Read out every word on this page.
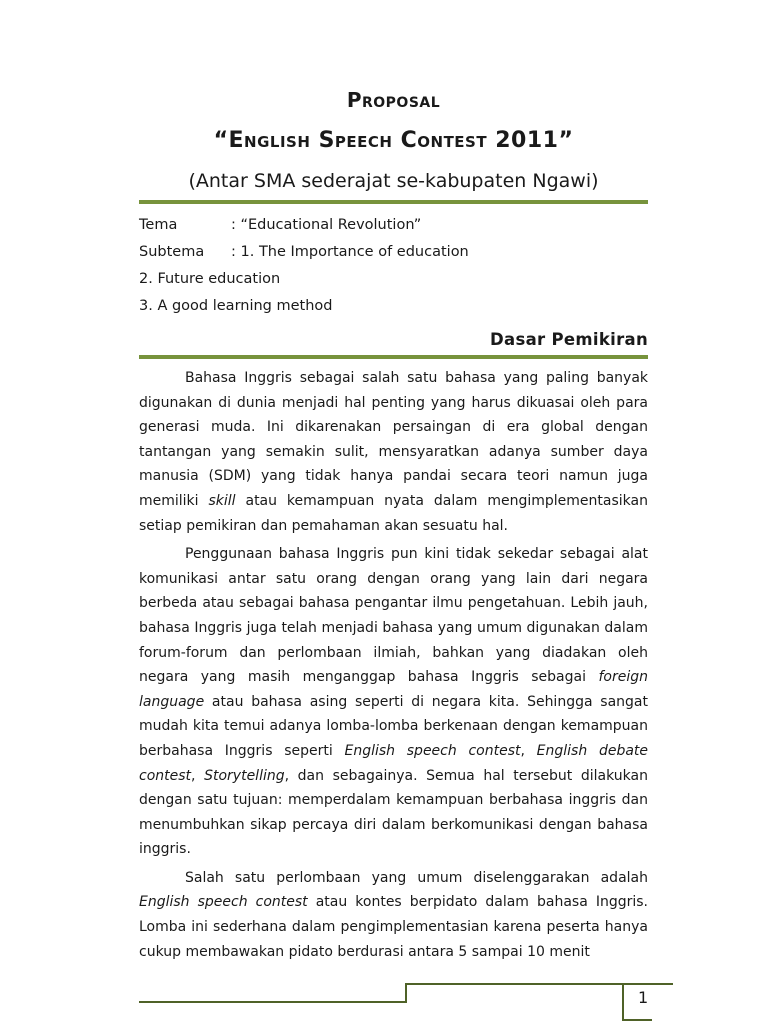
Proposal
“English Speech Contest 2011”
(Antar SMA sederajat se-kabupaten Ngawi)
Tema	: “Educational Revolution”
Subtema : 1. The Importance of education
2. Future education
3. A good learning method
Dasar Pemikiran

Bahasa Inggris sebagai salah satu bahasa yang paling banyak digunakan di dunia menjadi hal penting yang harus dikuasai oleh para generasi muda. Ini dikarenakan persaingan di era global dengan tantangan yang semakin sulit, mensyaratkan adanya sumber daya manusia (SDM) yang tidak hanya pandai secara teori namun juga memiliki skill atau kemampuan nyata dalam mengimplementasikan setiap pemikiran dan pemahaman akan sesuatu hal.

Penggunaan bahasa Inggris pun kini tidak sekedar sebagai alat komunikasi antar satu orang dengan orang yang lain dari negara berbeda atau sebagai bahasa pengantar ilmu pengetahuan. Lebih jauh, bahasa Inggris juga telah menjadi bahasa yang umum digunakan dalam forum-forum dan perlombaan ilmiah, bahkan yang diadakan oleh negara yang masih menganggap bahasa Inggris sebagai foreign language atau bahasa asing seperti di negara kita. Sehingga sangat mudah kita temui adanya lomba-lomba berkenaan dengan kemampuan berbahasa Inggris seperti English speech contest, English debate contest, Storytelling, dan sebagainya. Semua hal tersebut dilakukan dengan satu tujuan: memperdalam kemampuan berbahasa inggris dan menumbuhkan sikap percaya diri dalam berkomunikasi dengan bahasa inggris.

Salah satu perlombaan yang umum diselenggarakan adalah English speech contest atau kontes berpidato dalam bahasa Inggris. Lomba ini sederhana dalam pengimplementasian karena peserta hanya cukup membawakan pidato berdurasi antara 5 sampai 10 menit

1
